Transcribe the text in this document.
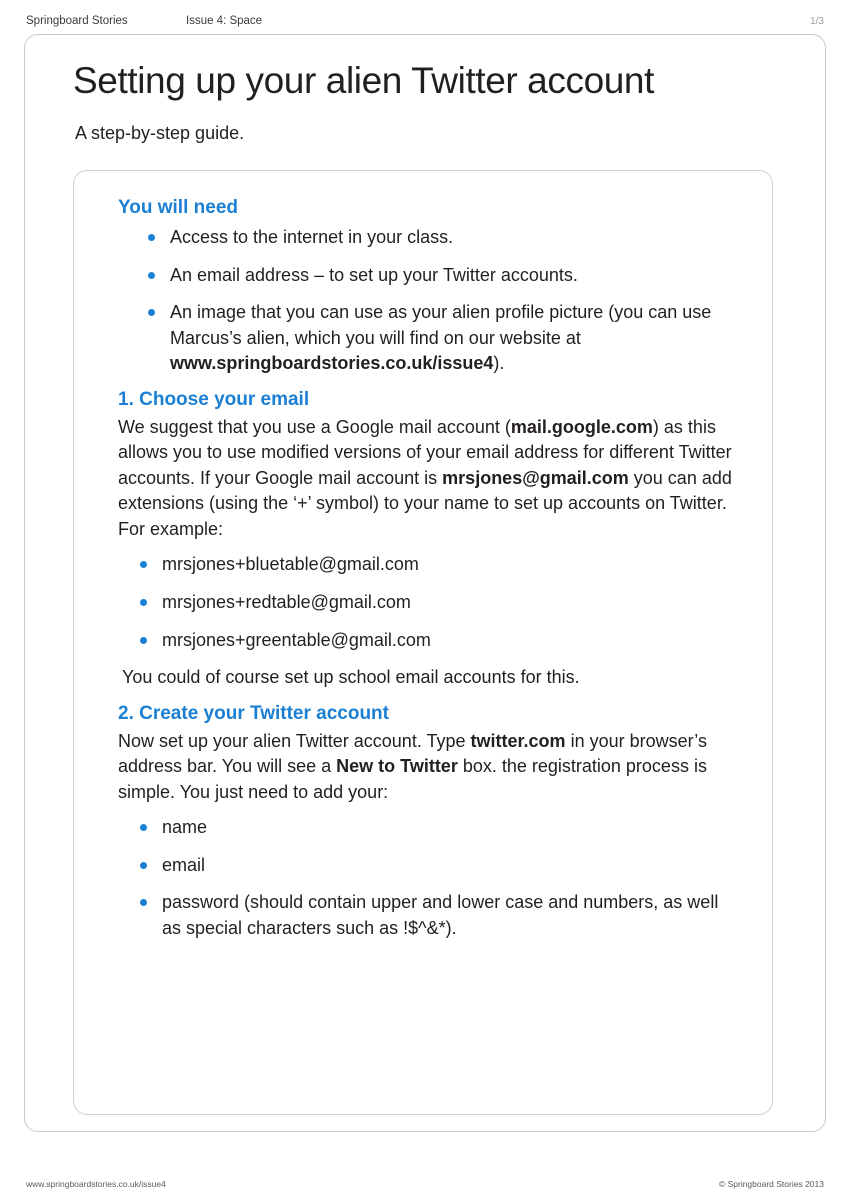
Springboard Stories	Issue 4: Space	1/3
Setting up your alien Twitter account
A step-by-step guide.
You will need
Access to the internet in your class.
An email address – to set up your Twitter accounts.
An image that you can use as your alien profile picture (you can use Marcus’s alien, which you will find on our website at www.springboardstories.co.uk/issue4).
1. Choose your email

We suggest that you use a Google mail account (mail.google.com) as this allows you to use modified versions of your email address for different Twitter accounts. If your Google mail account is mrsjones@gmail.com you can add extensions (using the ‘+’ symbol) to your name to set up accounts on Twitter. For example:

mrsjones+bluetable@gmail.com
mrsjones+redtable@gmail.com
mrsjones+greentable@gmail.com

You could of course set up school email accounts for this.

2. Create your Twitter account

Now set up your alien Twitter account. Type twitter.com in your browser’s address bar. You will see a New to Twitter box. the registration process is simple. You just need to add your:

name
email
password (should contain upper and lower case and numbers, as well as special characters such as !$^&*).
www.springboardstories.co.uk/issue4	© Springboard Stories 2013
